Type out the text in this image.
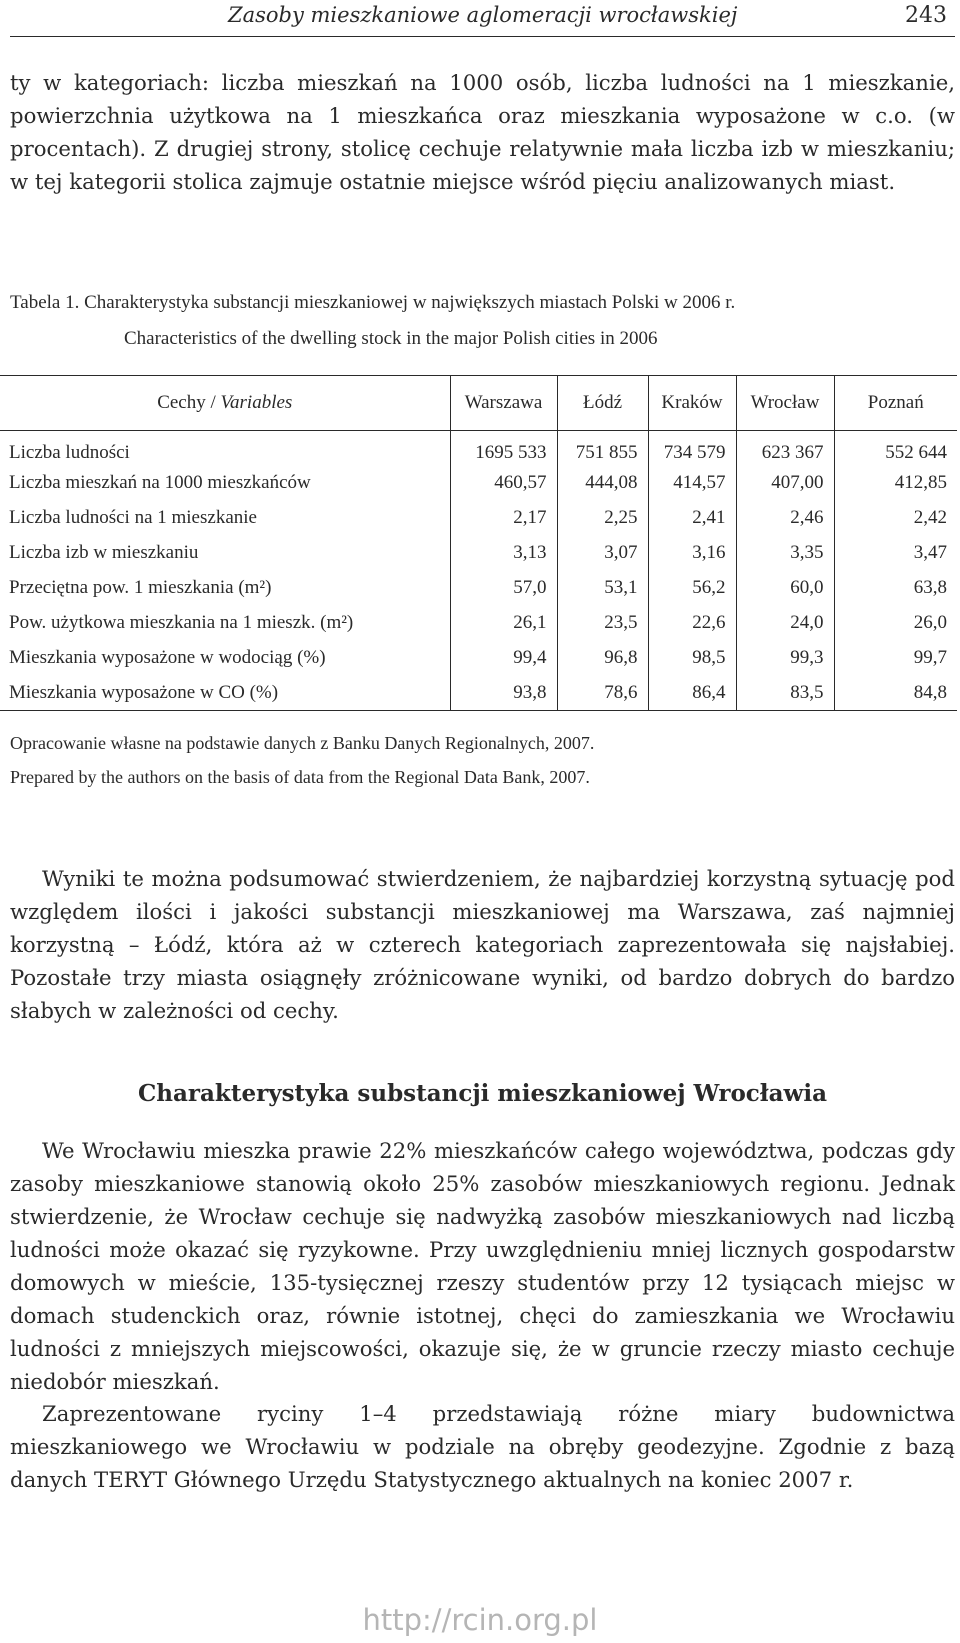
Zasoby mieszkaniowe aglomeracji wrocławskiej	243

ty w kategoriach: liczba mieszkań na 1000 osób, liczba ludności na 1 mieszkanie, powierzchnia użytkowa na 1 mieszkańca oraz mieszkania wyposażone w c.o. (w procentach). Z drugiej strony, stolicę cechuje relatywnie mała liczba izb w mieszkaniu; w tej kategorii stolica zajmuje ostatnie miejsce wśród pięciu analizowanych miast.

Tabela 1. Charakterystyka substancji mieszkaniowej w największych miastach Polski w 2006 r.
Characteristics of the dwelling stock in the major Polish cities in 2006
Cechy / Variables	Warszawa	Łódź	Kraków	Wrocław	Poznań
Liczba ludności	1695 533	751 855	734 579	623 367	552 644
Liczba mieszkań na 1000 mieszkańców	460,57	444,08	414,57	407,00	412,85
Liczba ludności na 1 mieszkanie	2,17	2,25	2,41	2,46	2,42
Liczba izb w mieszkaniu	3,13	3,07	3,16	3,35	3,47
Przeciętna pow. 1 mieszkania (m²)	57,0	53,1	56,2	60,0	63,8
Pow. użytkowa mieszkania na 1 mieszk. (m²)	26,1	23,5	22,6	24,0	26,0
Mieszkania wyposażone w wodociąg (%)	99,4	96,8	98,5	99,3	99,7
Mieszkania wyposażone w CO (%)	93,8	78,6	86,4	83,5	84,8
Opracowanie własne na podstawie danych z Banku Danych Regionalnych, 2007.
Prepared by the authors on the basis of data from the Regional Data Bank, 2007.

Wyniki te można podsumować stwierdzeniem, że najbardziej korzystną sytuację pod względem ilości i jakości substancji mieszkaniowej ma Warszawa, zaś najmniej korzystną – Łódź, która aż w czterech kategoriach zaprezentowała się najsłabiej. Pozostałe trzy miasta osiągnęły zróżnicowane wyniki, od bardzo dobrych do bardzo słabych w zależności od cechy.

Charakterystyka substancji mieszkaniowej Wrocławia

We Wrocławiu mieszka prawie 22% mieszkańców całego województwa, podczas gdy zasoby mieszkaniowe stanowią około 25% zasobów mieszkaniowych regionu. Jednak stwierdzenie, że Wrocław cechuje się nadwyżką zasobów mieszkaniowych nad liczbą ludności może okazać się ryzykowne. Przy uwzględnieniu mniej licznych gospodarstw domowych w mieście, 135-tysięcznej rzeszy studentów przy 12 tysiącach miejsc w domach studenckich oraz, równie istotnej, chęci do zamieszkania we Wrocławiu ludności z mniejszych miejscowości, okazuje się, że w gruncie rzeczy miasto cechuje niedobór mieszkań.

Zaprezentowane ryciny 1–4 przedstawiają różne miary budownictwa mieszkaniowego we Wrocławiu w podziale na obręby geodezyjne. Zgodnie z bazą danych TERYT Głównego Urzędu Statystycznego aktualnych na koniec 2007 r.

http://rcin.org.pl
